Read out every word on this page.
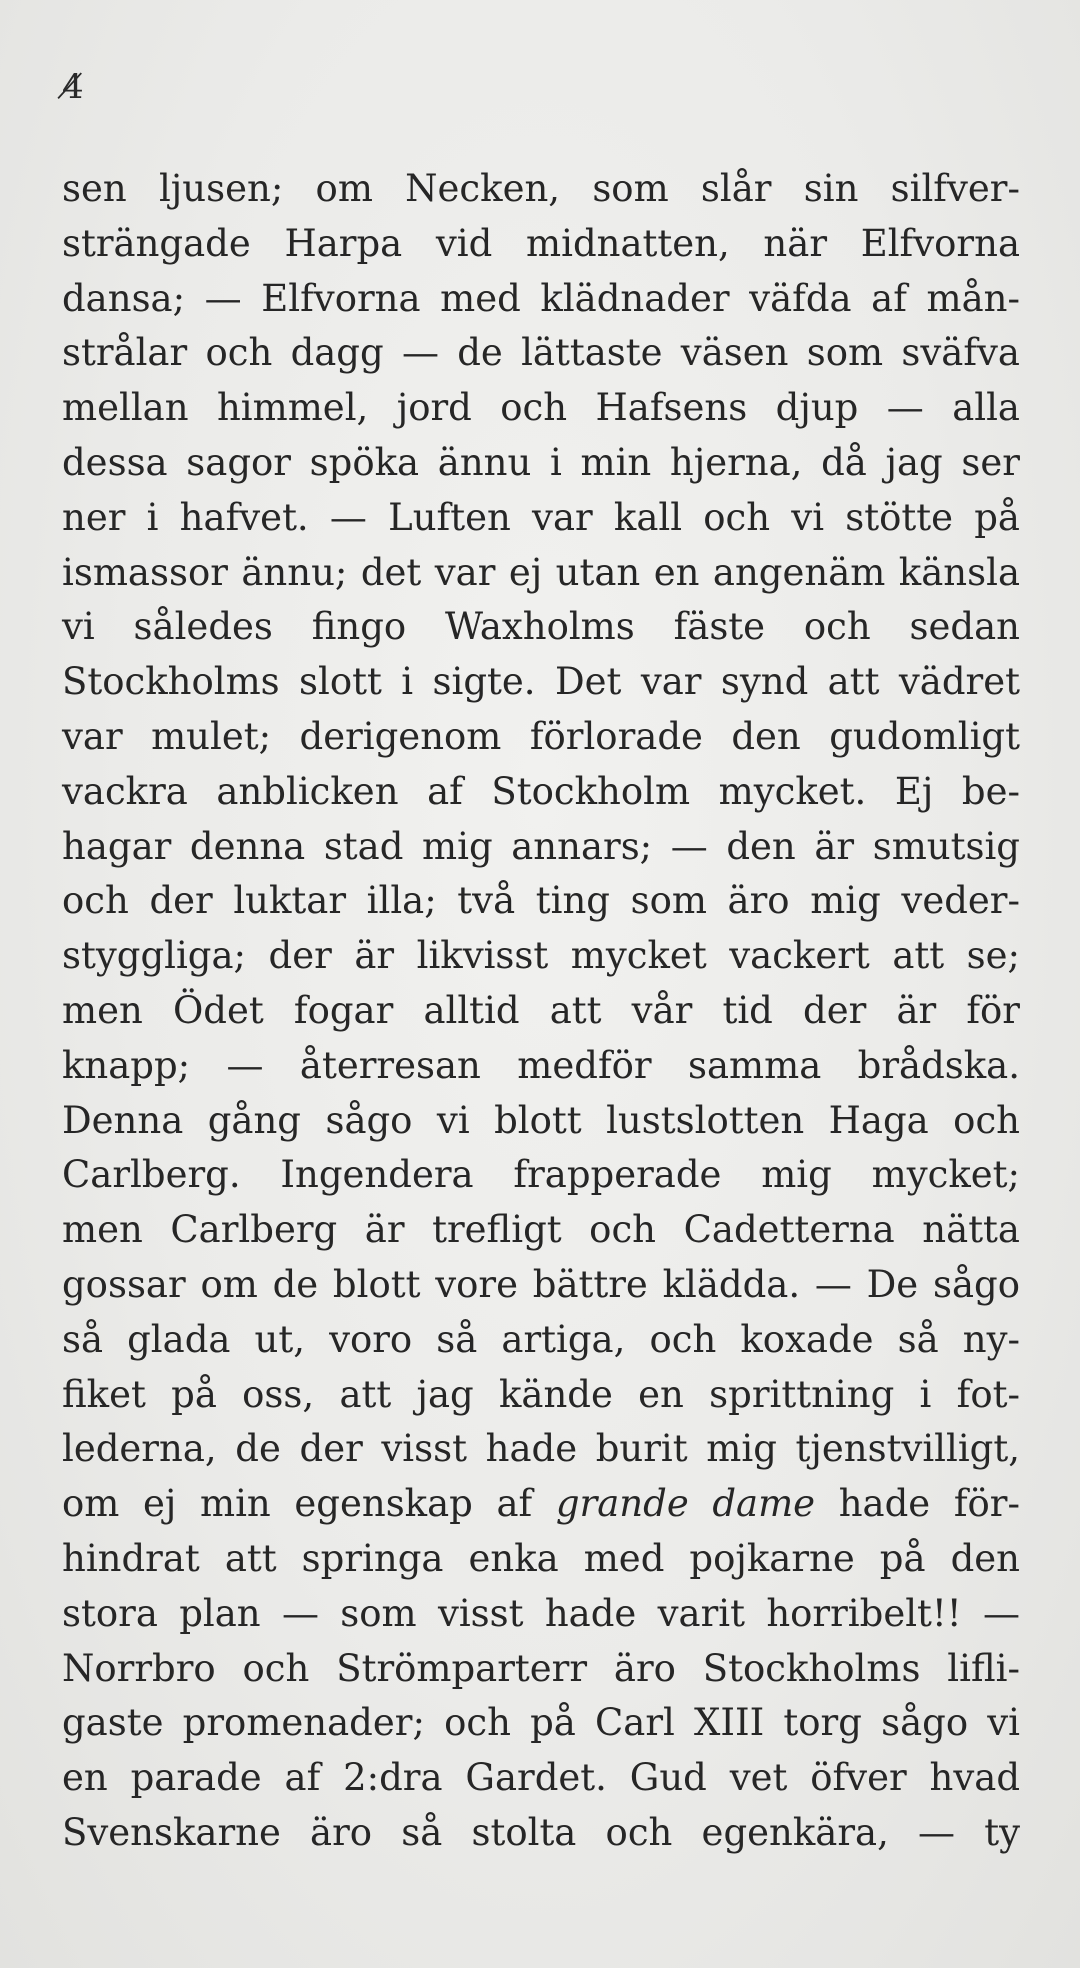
4̸
sen ljusen; om Necken, som slår sin silfver-
strängade Harpa vid midnatten, när Elfvorna
dansa; — Elfvorna med klädnader väfda af mån-
strålar och dagg — de lättaste väsen som sväfva
mellan himmel, jord och Hafsens djup — alla
dessa sagor spöka ännu i min hjerna, då jag ser
ner i hafvet. — Luften var kall och vi stötte på
ismassor ännu; det var ej utan en angenäm känsla
vi således fingo Waxholms fäste och sedan
Stockholms slott i sigte. Det var synd att vädret
var mulet; derigenom förlorade den gudomligt
vackra anblicken af Stockholm mycket. Ej be-
hagar denna stad mig annars; — den är smutsig
och der luktar illa; två ting som äro mig veder-
styggliga; der är likvisst mycket vackert att se;
men Ödet fogar alltid att vår tid der är för
knapp; — återresan medför samma brådska.
Denna gång sågo vi blott lustslotten Haga och
Carlberg. Ingendera frapperade mig mycket;
men Carlberg är trefligt och Cadetterna nätta
gossar om de blott vore bättre klädda. — De sågo
så glada ut, voro så artiga, och koxade så ny-
fiket på oss, att jag kände en sprittning i fot-
lederna, de der visst hade burit mig tjenstvilligt,
om ej min egenskap af grande dame hade för-
hindrat att springa enka med pojkarne på den
stora plan — som visst hade varit horribelt!! —
Norrbro och Strömparterr äro Stockholms lifli-
gaste promenader; och på Carl XIII torg sågo vi
en parade af 2:dra Gardet. Gud vet öfver hvad
Svenskarne äro så stolta och egenkära, — ty
